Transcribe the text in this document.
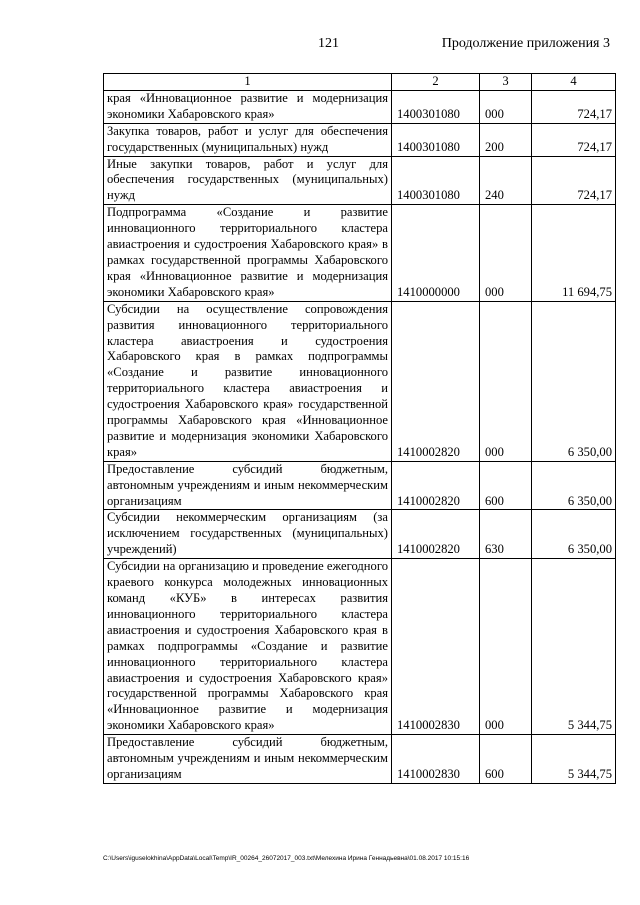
121	Продолжение приложения 3
1	2	3	4
края «Инновационное развитие и модернизация экономики Хабаровского края»	1400301080	000	724,17
Закупка товаров, работ и услуг для обеспечения государственных (муниципальных) нужд	1400301080	200	724,17
Иные закупки товаров, работ и услуг для обеспечения государственных (муниципальных) нужд	1400301080	240	724,17
Подпрограмма «Создание и развитие инновационного территориального кластера авиастроения и судостроения Хабаровского края» в рамках государственной программы Хабаровского края «Инновационное развитие и модернизация экономики Хабаровского края»	1410000000	000	11 694,75
Субсидии на осуществление сопровождения развития инновационного территориального кластера авиастроения и судостроения Хабаровского края в рамках подпрограммы «Создание и развитие инновационного территориального кластера авиастроения и судостроения Хабаровского края» государственной программы Хабаровского края «Инновационное развитие и модернизация экономики Хабаровского края»	1410002820	000	6 350,00
Предоставление субсидий бюджетным, автономным учреждениям и иным некоммерческим организациям	1410002820	600	6 350,00
Субсидии некоммерческим организациям (за исключением государственных (муниципальных) учреждений)	1410002820	630	6 350,00
Субсидии на организацию и проведение ежегодного краевого конкурса молодежных инновационных команд «КУБ» в интересах развития инновационного территориального кластера авиастроения и судостроения Хабаровского края в рамках подпрограммы «Создание и развитие инновационного территориального кластера авиастроения и судостроения Хабаровского края» государственной программы Хабаровского края «Инновационное развитие и модернизация экономики Хабаровского края»	1410002830	000	5 344,75
Предоставление субсидий бюджетным, автономным учреждениям и иным некоммерческим организациям	1410002830	600	5 344,75
C:\Users\iguselokhina\AppData\Local\Temp\IR_00264_26072017_003.txt\Мелехина Ирина Геннадьевна\01.08.2017 10:15:16
